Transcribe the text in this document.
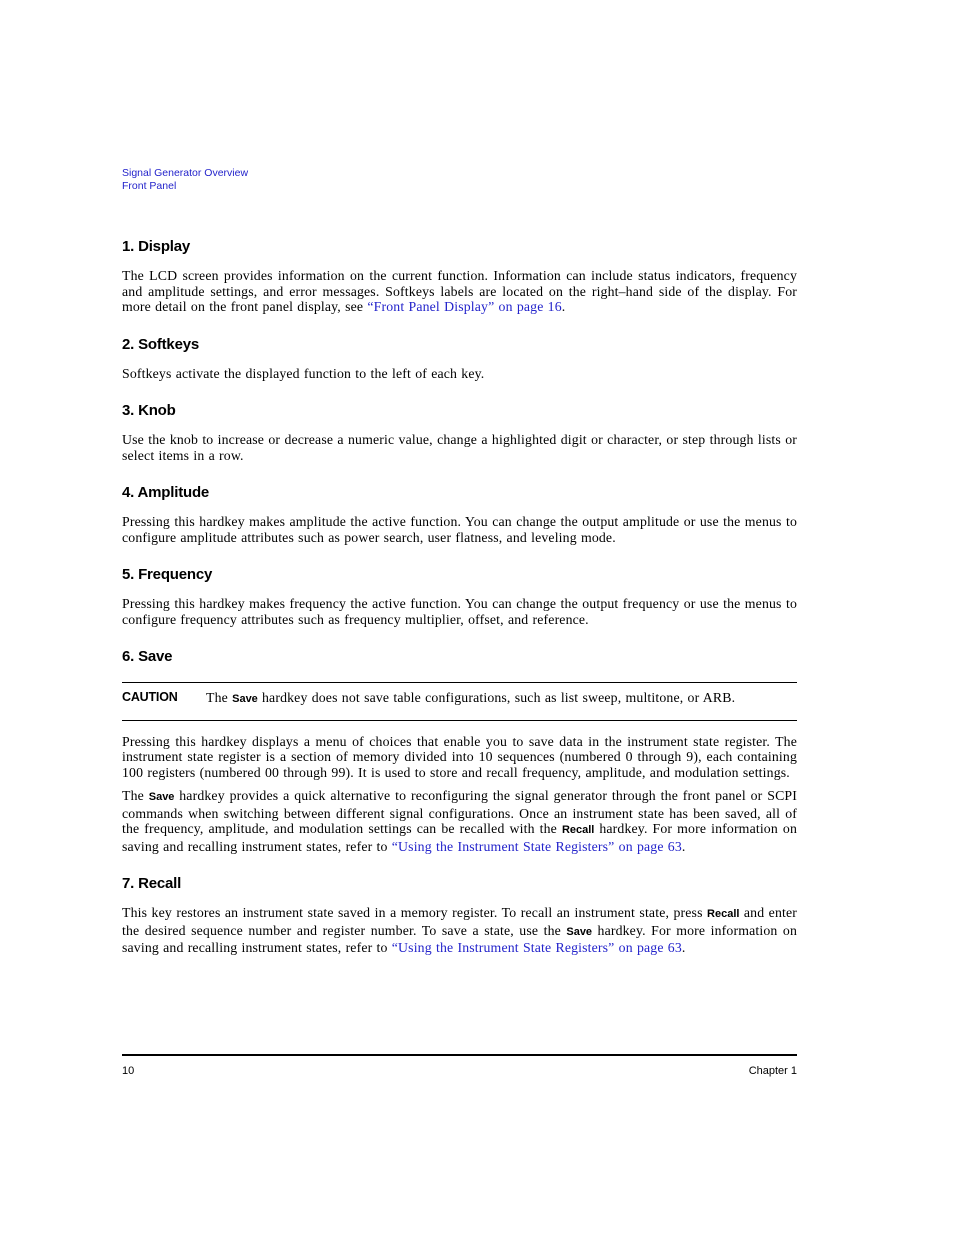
Signal Generator Overview
Front Panel
1. Display

The LCD screen provides information on the current function. Information can include status indicators, frequency and amplitude settings, and error messages. Softkeys labels are located on the right–hand side of the display. For more detail on the front panel display, see “Front Panel Display” on page 16.

2. Softkeys

Softkeys activate the displayed function to the left of each key.

3. Knob

Use the knob to increase or decrease a numeric value, change a highlighted digit or character, or step through lists or select items in a row.

4. Amplitude

Pressing this hardkey makes amplitude the active function. You can change the output amplitude or use the menus to configure amplitude attributes such as power search, user flatness, and leveling mode.

5. Frequency

Pressing this hardkey makes frequency the active function. You can change the output frequency or use the menus to configure frequency attributes such as frequency multiplier, offset, and reference.

6. Save
CAUTION	The Save hardkey does not save table configurations, such as list sweep, multitone, or ARB.

Pressing this hardkey displays a menu of choices that enable you to save data in the instrument state register. The instrument state register is a section of memory divided into 10 sequences (numbered 0 through 9), each containing 100 registers (numbered 00 through 99). It is used to store and recall frequency, amplitude, and modulation settings.

The Save hardkey provides a quick alternative to reconfiguring the signal generator through the front panel or SCPI commands when switching between different signal configurations. Once an instrument state has been saved, all of the frequency, amplitude, and modulation settings can be recalled with the Recall hardkey. For more information on saving and recalling instrument states, refer to “Using the Instrument State Registers” on page 63.

7. Recall

This key restores an instrument state saved in a memory register. To recall an instrument state, press Recall and enter the desired sequence number and register number. To save a state, use the Save hardkey. For more information on saving and recalling instrument states, refer to “Using the Instrument State Registers” on page 63.

10	Chapter 1
